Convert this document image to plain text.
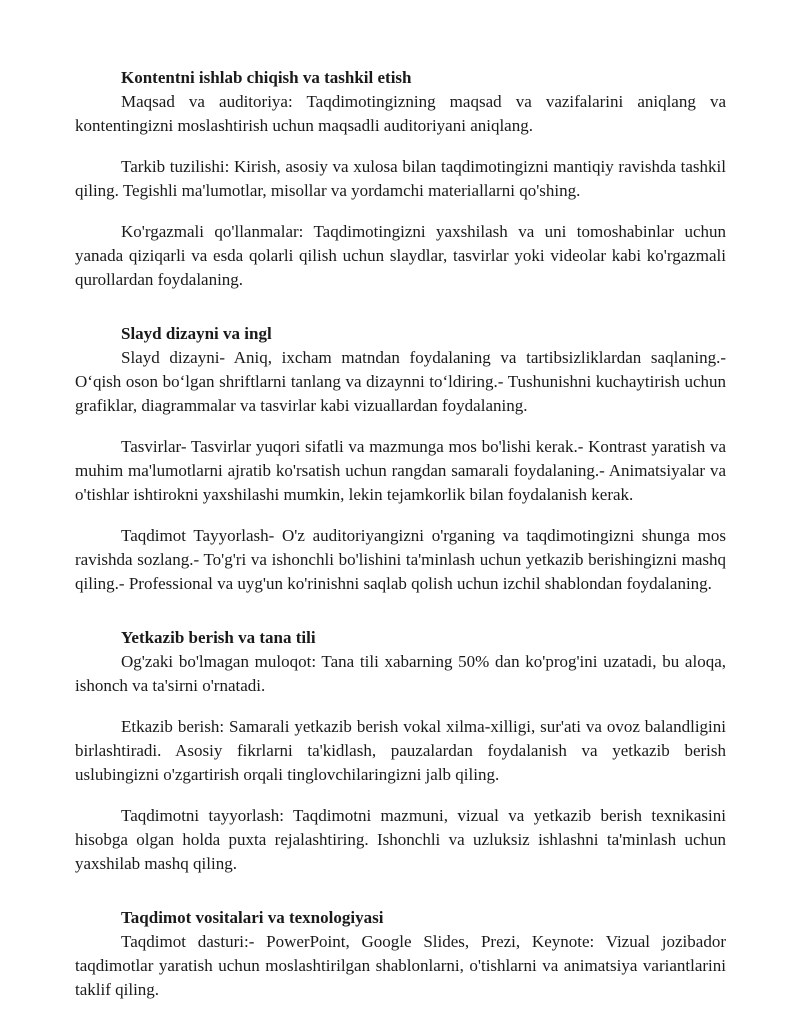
Kontentni ishlab chiqish va tashkil etish

Maqsad va auditoriya: Taqdimotingizning maqsad va vazifalarini aniqlang va kontentingizni moslashtirish uchun maqsadli auditoriyani aniqlang.

Tarkib tuzilishi: Kirish, asosiy va xulosa bilan taqdimotingizni mantiqiy ravishda tashkil qiling. Tegishli ma'lumotlar, misollar va yordamchi materiallarni qo'shing.

Ko'rgazmali qo'llanmalar: Taqdimotingizni yaxshilash va uni tomoshabinlar uchun yanada qiziqarli va esda qolarli qilish uchun slaydlar, tasvirlar yoki videolar kabi ko'rgazmali qurollardan foydalaning.

Slayd dizayni va ingl

Slayd dizayni- Aniq, ixcham matndan foydalaning va tartibsizliklardan saqlaning.- O‘qish oson bo‘lgan shriftlarni tanlang va dizaynni to‘ldiring.- Tushunishni kuchaytirish uchun grafiklar, diagrammalar va tasvirlar kabi vizuallardan foydalaning.

Tasvirlar- Tasvirlar yuqori sifatli va mazmunga mos bo'lishi kerak.- Kontrast yaratish va muhim ma'lumotlarni ajratib ko'rsatish uchun rangdan samarali foydalaning.- Animatsiyalar va o'tishlar ishtirokni yaxshilashi mumkin, lekin tejamkorlik bilan foydalanish kerak.

Taqdimot Tayyorlash- O'z auditoriyangizni o'rganing va taqdimotingizni shunga mos ravishda sozlang.- To'g'ri va ishonchli bo'lishini ta'minlash uchun yetkazib berishingizni mashq qiling.- Professional va uyg'un ko'rinishni saqlab qolish uchun izchil shablondan foydalaning.

Yetkazib berish va tana tili

Og'zaki bo'lmagan muloqot: Tana tili xabarning 50% dan ko'prog'ini uzatadi, bu aloqa, ishonch va ta'sirni o'rnatadi.

Etkazib berish: Samarali yetkazib berish vokal xilma-xilligi, sur'ati va ovoz balandligini birlashtiradi. Asosiy fikrlarni ta'kidlash, pauzalardan foydalanish va yetkazib berish uslubingizni o'zgartirish orqali tinglovchilaringizni jalb qiling.

Taqdimotni tayyorlash: Taqdimotni mazmuni, vizual va yetkazib berish texnikasini hisobga olgan holda puxta rejalashtiring. Ishonchli va uzluksiz ishlashni ta'minlash uchun yaxshilab mashq qiling.

Taqdimot vositalari va texnologiyasi

Taqdimot dasturi:- PowerPoint, Google Slides, Prezi, Keynote: Vizual jozibador taqdimotlar yaratish uchun moslashtirilgan shablonlarni, o'tishlarni va animatsiya variantlarini taklif qiling.
